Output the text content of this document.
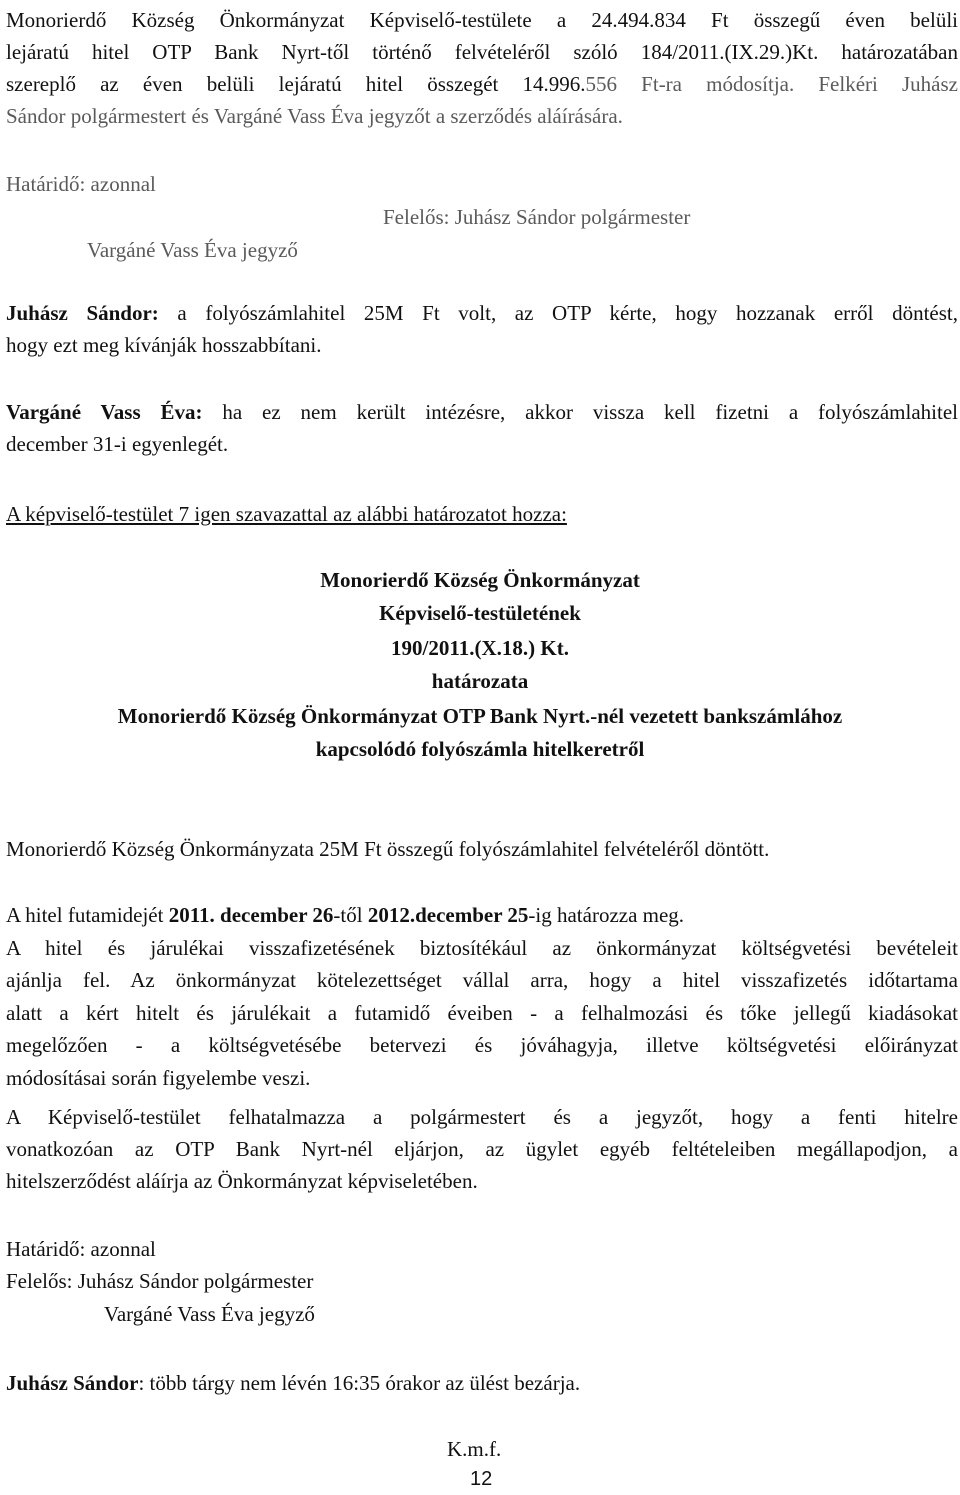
Monorierdő Község Önkormányzat Képviselő-testülete a 24.494.834 Ft összegű éven belüli
lejáratú hitel OTP Bank Nyrt-től történő felvételéről szóló 184/2011.(IX.29.)Kt. határozatában
szereplő az éven belüli lejáratú hitel összegét 14.996.556 Ft-ra módosítja. Felkéri Juhász
Sándor polgármestert és Vargáné Vass Éva jegyzőt a szerződés aláírására.
Határidő: azonnal
Felelős: Juhász Sándor polgármester
Vargáné Vass Éva jegyző
Juhász Sándor: a folyószámlahitel 25M Ft volt, az OTP kérte, hogy hozzanak erről döntést,
hogy ezt meg kívánják hosszabbítani.
Vargáné Vass Éva: ha ez nem került intézésre, akkor vissza kell fizetni a folyószámlahitel
december 31-i egyenlegét.
A képviselő-testület 7 igen szavazattal az alábbi határozatot hozza:
Monorierdő Község Önkormányzat
Képviselő-testületének
190/2011.(X.18.) Kt.
határozata
Monorierdő Község Önkormányzat OTP Bank Nyrt.-nél vezetett bankszámlához
kapcsolódó folyószámla hitelkeretről
Monorierdő Község Önkormányzata 25M Ft összegű folyószámlahitel felvételéről döntött.
A hitel futamidejét 2011. december 26-től 2012.december 25-ig határozza meg.
A hitel és járulékai visszafizetésének biztosítékául az önkormányzat költségvetési bevételeit
ajánlja fel. Az önkormányzat kötelezettséget vállal arra, hogy a hitel visszafizetés időtartama
alatt a kért hitelt és járulékait a futamidő éveiben - a felhalmozási és tőke jellegű kiadásokat
megelőzően - a költségvetésébe betervezi és jóváhagyja, illetve költségvetési előirányzat
módosításai során figyelembe veszi.
A Képviselő-testület felhatalmazza a polgármestert és a jegyzőt, hogy a fenti hitelre
vonatkozóan az OTP Bank Nyrt-nél eljárjon, az ügylet egyéb feltételeiben megállapodjon, a
hitelszerződést aláírja az Önkormányzat képviseletében.
Határidő: azonnal
Felelős: Juhász Sándor polgármester
Vargáné Vass Éva jegyző
Juhász Sándor: több tárgy nem lévén 16:35 órakor az ülést bezárja.
K.m.f.
12
